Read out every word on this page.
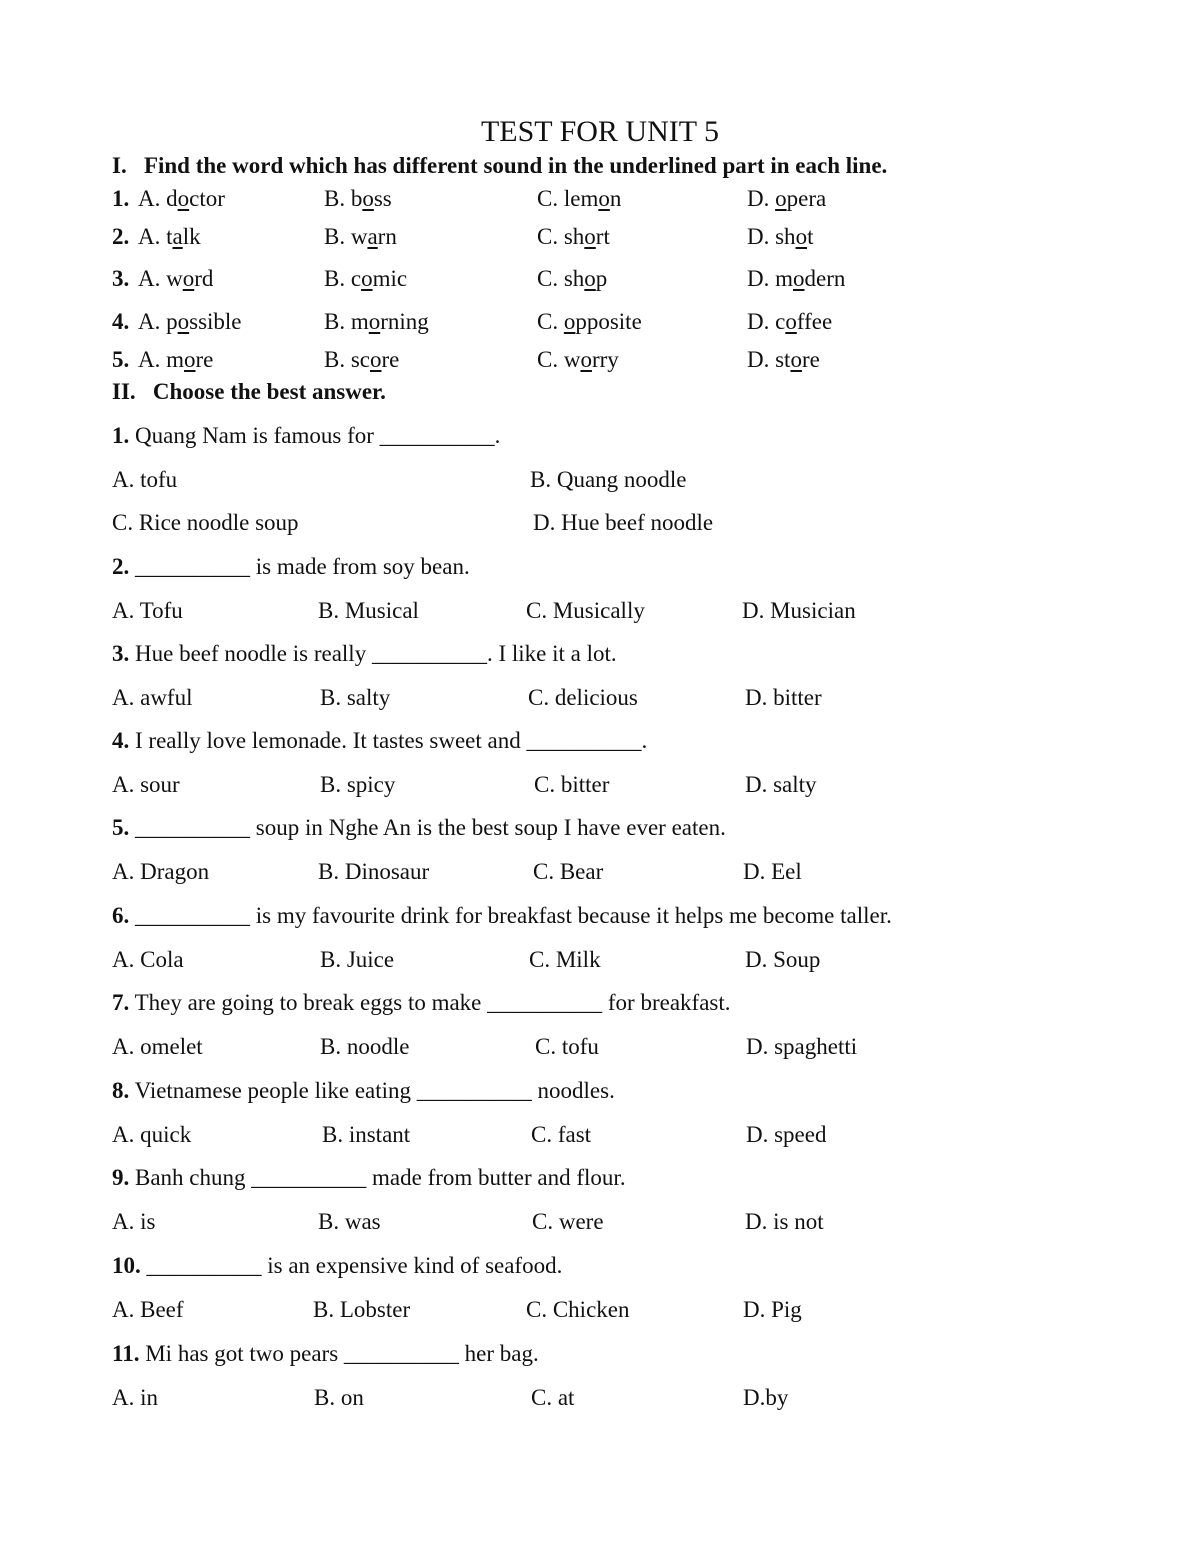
TEST FOR UNIT 5
I. Find the word which has different sound in the underlined part in each line.
1. A. doctor	B. boss	C. lemon	D. opera
2. A. talk	B. warn	C. short	D. shot
3. A. word	B. comic	C. shop	D. modern
4. A. possible	B. morning	C. opposite	D. coffee
5. A. more	B. score	C. worry	D. store
II. Choose the best answer.
1. Quang Nam is famous for __________.
A. tofu	B. Quang noodle
C. Rice noodle soup	D. Hue beef noodle
2. __________ is made from soy bean.
A. Tofu	B. Musical	C. Musically	D. Musician
3. Hue beef noodle is really __________. I like it a lot.
A. awful	B. salty	C. delicious	D. bitter
4. I really love lemonade. It tastes sweet and __________.
A. sour	B. spicy	C. bitter	D. salty
5. __________ soup in Nghe An is the best soup I have ever eaten.
A. Dragon	B. Dinosaur	C. Bear	D. Eel
6. __________ is my favourite drink for breakfast because it helps me become taller.
A. Cola	B. Juice	C. Milk	D. Soup
7. They are going to break eggs to make __________ for breakfast.
A. omelet	B. noodle	C. tofu	D. spaghetti
8. Vietnamese people like eating __________ noodles.
A. quick	B. instant	C. fast	D. speed
9. Banh chung __________ made from butter and flour.
A. is	B. was	C. were	D. is not
10. __________ is an expensive kind of seafood.
A. Beef	B. Lobster	C. Chicken	D. Pig
11. Mi has got two pears __________ her bag.
A. in	B. on	C. at	D.by
